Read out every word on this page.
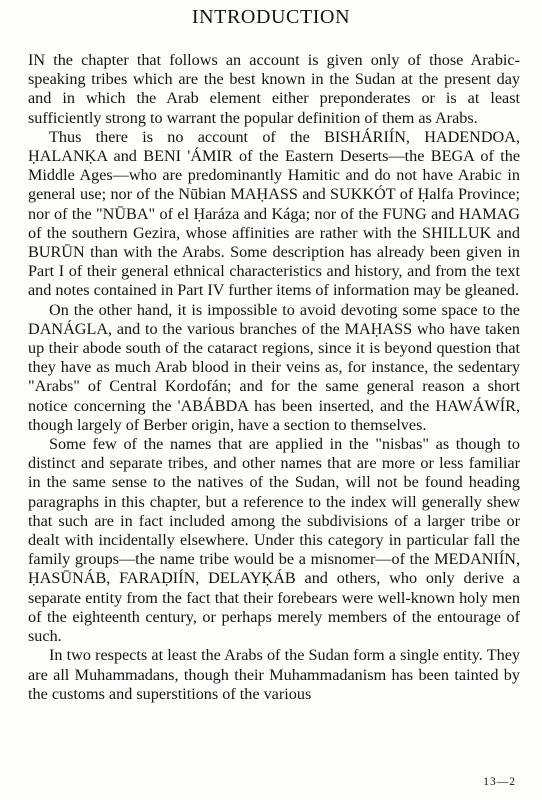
INTRODUCTION

IN the chapter that follows an account is given only of those Arabic-speaking tribes which are the best known in the Sudan at the present day and in which the Arab element either preponderates or is at least sufficiently strong to warrant the popular definition of them as Arabs.

Thus there is no account of the BISHÁRIÍN, HADENDOA, ḤALANḲA and BENI 'ÁMIR of the Eastern Deserts—the BEGA of the Middle Ages—who are predominantly Hamitic and do not have Arabic in general use; nor of the Nūbian MAḤASS and SUKKÓT of Ḥalfa Province; nor of the "NŪBA" of el Ḥaráza and Kága; nor of the FUNG and HAMAG of the southern Gezira, whose affinities are rather with the SHILLUK and BURŪN than with the Arabs. Some description has already been given in Part I of their general ethnical characteristics and history, and from the text and notes contained in Part IV further items of information may be gleaned.

On the other hand, it is impossible to avoid devoting some space to the DANÁGLA, and to the various branches of the MAḤASS who have taken up their abode south of the cataract regions, since it is beyond question that they have as much Arab blood in their veins as, for instance, the sedentary "Arabs" of Central Kordofán; and for the same general reason a short notice concerning the 'ABÁBDA has been inserted, and the HAWÁWÍR, though largely of Berber origin, have a section to themselves.

Some few of the names that are applied in the "nisbas" as though to distinct and separate tribes, and other names that are more or less familiar in the same sense to the natives of the Sudan, will not be found heading paragraphs in this chapter, but a reference to the index will generally shew that such are in fact included among the subdivisions of a larger tribe or dealt with incidentally elsewhere. Under this category in particular fall the family groups—the name tribe would be a misnomer—of the MEDANIÍN, ḤASŪNÁB, FARAḌIÍN, DELAYḲÁB and others, who only derive a separate entity from the fact that their forebears were well-known holy men of the eighteenth century, or perhaps merely members of the entourage of such.

In two respects at least the Arabs of the Sudan form a single entity. They are all Muhammadans, though their Muhammadanism has been tainted by the customs and superstitions of the various

13—2
